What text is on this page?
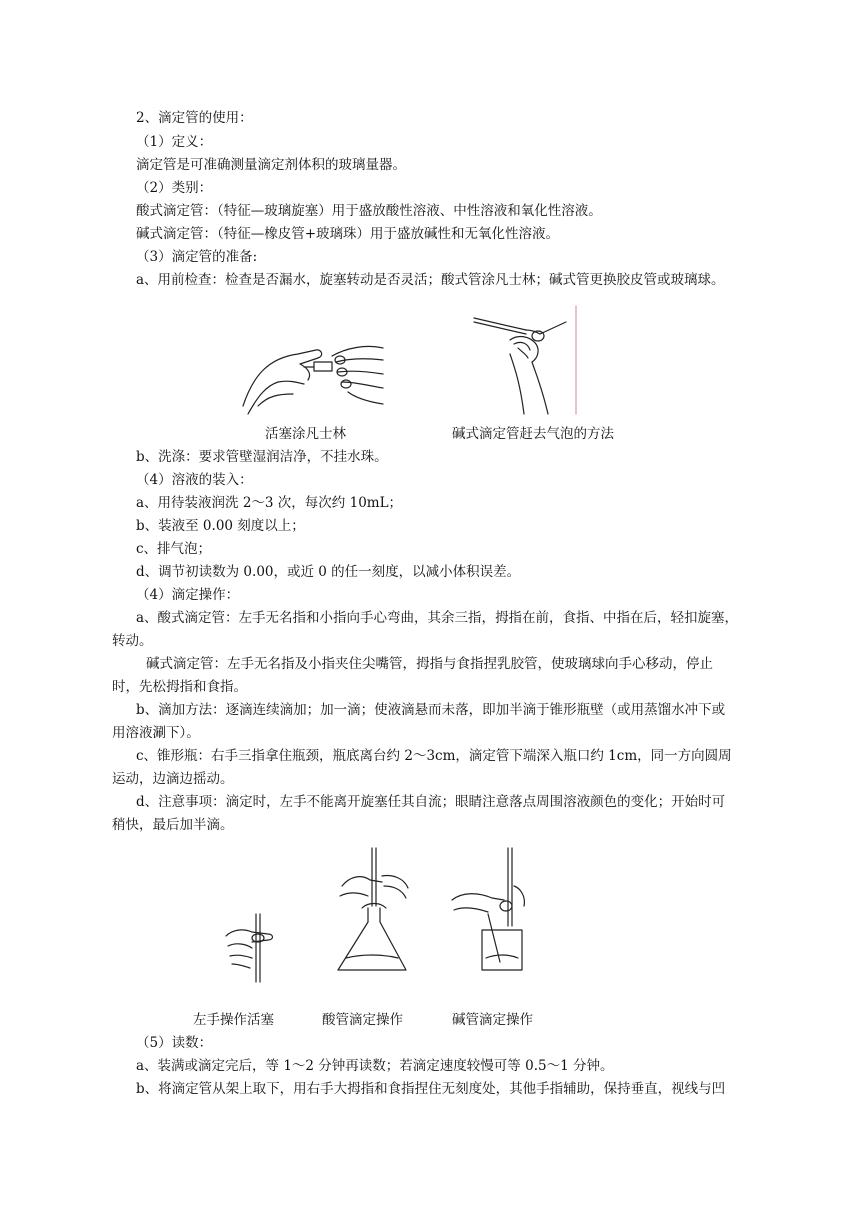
2、滴定管的使用：
（1）定义：
滴定管是可准确测量滴定剂体积的玻璃量器。
（2）类别：
酸式滴定管：（特征—玻璃旋塞）用于盛放酸性溶液、中性溶液和氧化性溶液。
碱式滴定管：（特征—橡皮管+玻璃珠）用于盛放碱性和无氧化性溶液。
（3）滴定管的准备:
a、用前检查：检查是否漏水，旋塞转动是否灵活；酸式管涂凡士林；碱式管更换胶皮管或玻璃球。
活塞涂凡士林	碱式滴定管赶去气泡的方法
b、洗涤：要求管壁湿润洁净，不挂水珠。
（4）溶液的装入：
a、用待装液润洗 2～3 次，每次约 10mL；
b、装液至 0.00 刻度以上；
c、排气泡；
d、调节初读数为 0.00，或近 0 的任一刻度，以减小体积误差。
（4）滴定操作：
a、酸式滴定管：左手无名指和小指向手心弯曲，其余三指，拇指在前，食指、中指在后，轻扣旋塞，
转动。
碱式滴定管：左手无名指及小指夹住尖嘴管，拇指与食指捏乳胶管，使玻璃球向手心移动，停止
时，先松拇指和食指。
b、滴加方法：逐滴连续滴加；加一滴；使液滴悬而未落，即加半滴于锥形瓶壁（或用蒸馏水冲下或
用溶液涮下）。
c、锥形瓶：右手三指拿住瓶颈，瓶底离台约 2～3cm，滴定管下端深入瓶口约 1cm，同一方向圆周
运动，边滴边摇动。
d、注意事项：滴定时，左手不能离开旋塞任其自流；眼睛注意落点周围溶液颜色的变化；开始时可
稍快，最后加半滴。
左手操作活塞	酸管滴定操作	碱管滴定操作
（5）读数：
a、装满或滴定完后，等 1～2 分钟再读数；若滴定速度较慢可等 0.5～1 分钟。
b、将滴定管从架上取下，用右手大拇指和食指捏住无刻度处，其他手指辅助，保持垂直，视线与凹
